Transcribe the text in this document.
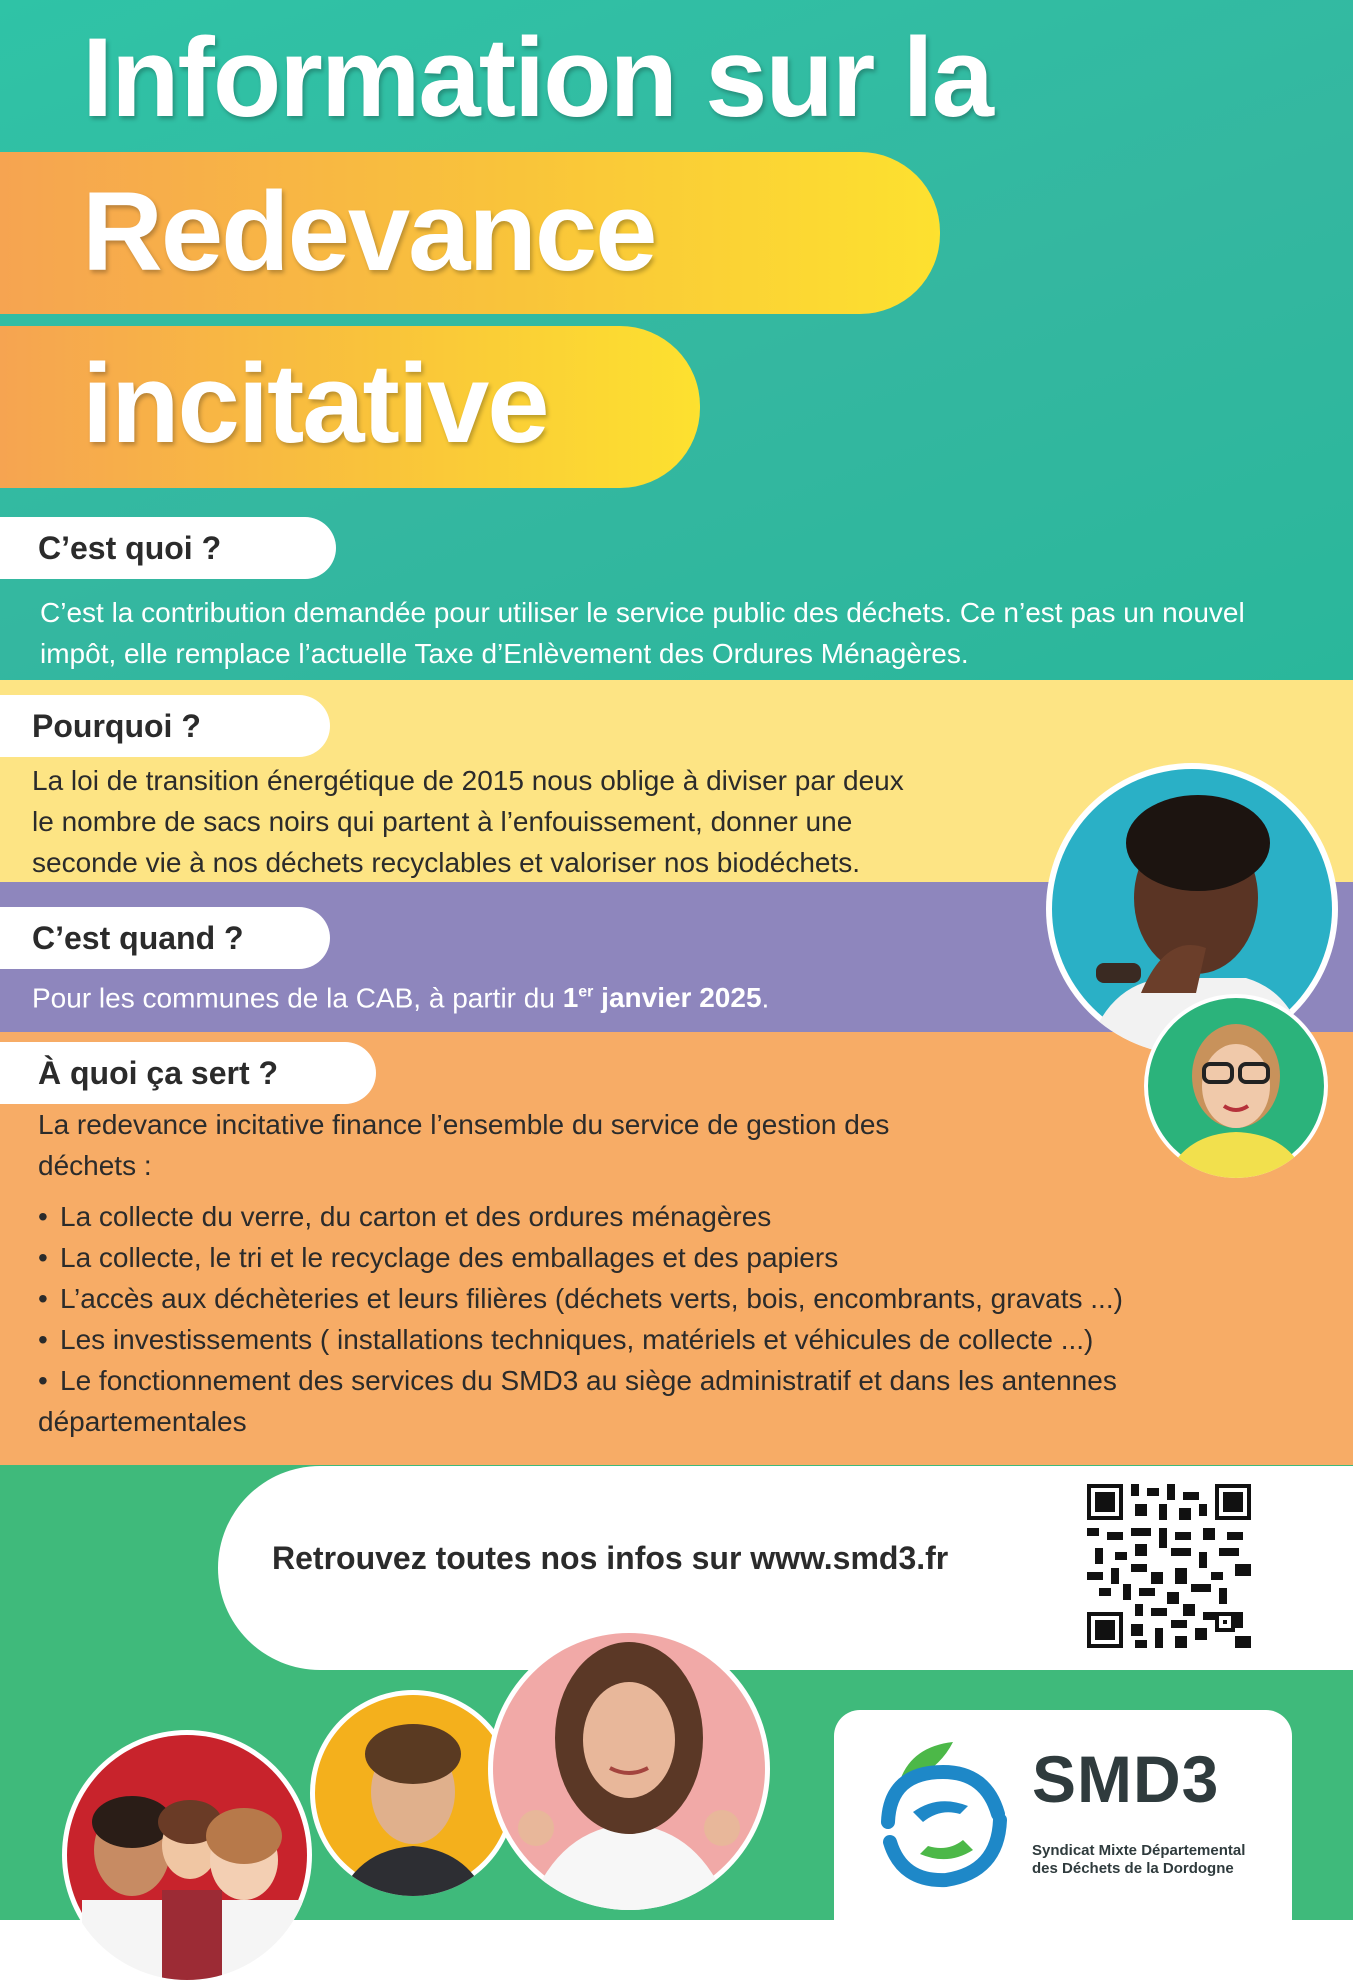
Information sur la
Redevance
incitative
C’est quoi ?
C’est la contribution demandée pour utiliser le service public des déchets. Ce n’est pas un nouvel impôt, elle remplace l’actuelle Taxe d’Enlèvement des Ordures Ménagères.
Pourquoi ?
La loi de transition énergétique de 2015 nous oblige à diviser par deux
le nombre de sacs noirs qui partent à l’enfouissement, donner une
seconde vie à nos déchets recyclables et valoriser nos biodéchets.
C’est quand ?
Pour les communes de la CAB, à partir du 1er janvier 2025.
À quoi ça sert ?
La redevance incitative finance l’ensemble du service de gestion des
déchets :
• La collecte du verre, du carton et des ordures ménagères
• La collecte, le tri et le recyclage des emballages et des papiers
• L’accès aux déchèteries et leurs filières (déchets verts, bois, encombrants, gravats ...)
• Les investissements ( installations techniques, matériels et véhicules de collecte ...)
• Le fonctionnement des services du SMD3 au siège administratif et dans les antennes
départementales
Retrouvez toutes nos infos sur www.smd3.fr
SMD3
Syndicat Mixte Départemental
des Déchets de la Dordogne
